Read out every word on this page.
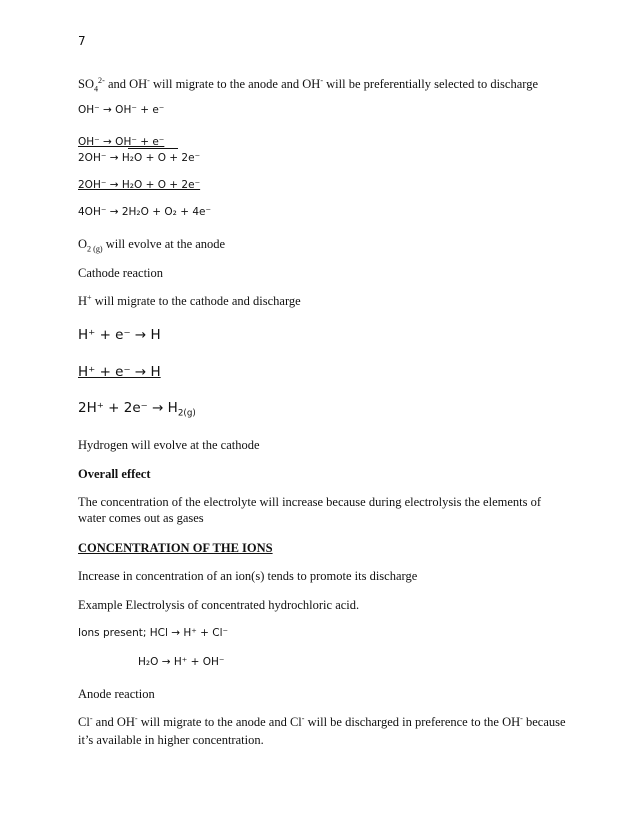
7
$SO_4^{2-}$ and OH- will migrate to the anode and OH- will be preferentially selected to discharge
OH⁻ → OH⁻ + e⁻
OH⁻ → OH⁻ + e⁻
2OH⁻ → H₂O + O + 2e⁻
2OH⁻ → H₂O + O + 2e⁻
4OH⁻ → 2H₂O + O₂ + 4e⁻
$O_{2 (g)}$ will evolve at the anode
Cathode reaction
H+ will migrate to the cathode and discharge
H⁺ + e⁻ → H
H⁺ + e⁻ → H
$2H^+ + 2e^- \to H_{2(g)}$
Hydrogen will evolve at the cathode
Overall effect
The concentration of the electrolyte will increase because during electrolysis the elements of water comes out as gases
CONCENTRATION OF THE IONS
Increase in concentration of an ion(s) tends to promote its discharge
Example Electrolysis of concentrated hydrochloric acid.
Ions present; HCl → H⁺ + Cl⁻
H₂O → H⁺ + OH⁻
Anode reaction
Cl- and OH- will migrate to the anode and Cl- will be discharged in preference to the OH- because
it’s available in higher concentration.
